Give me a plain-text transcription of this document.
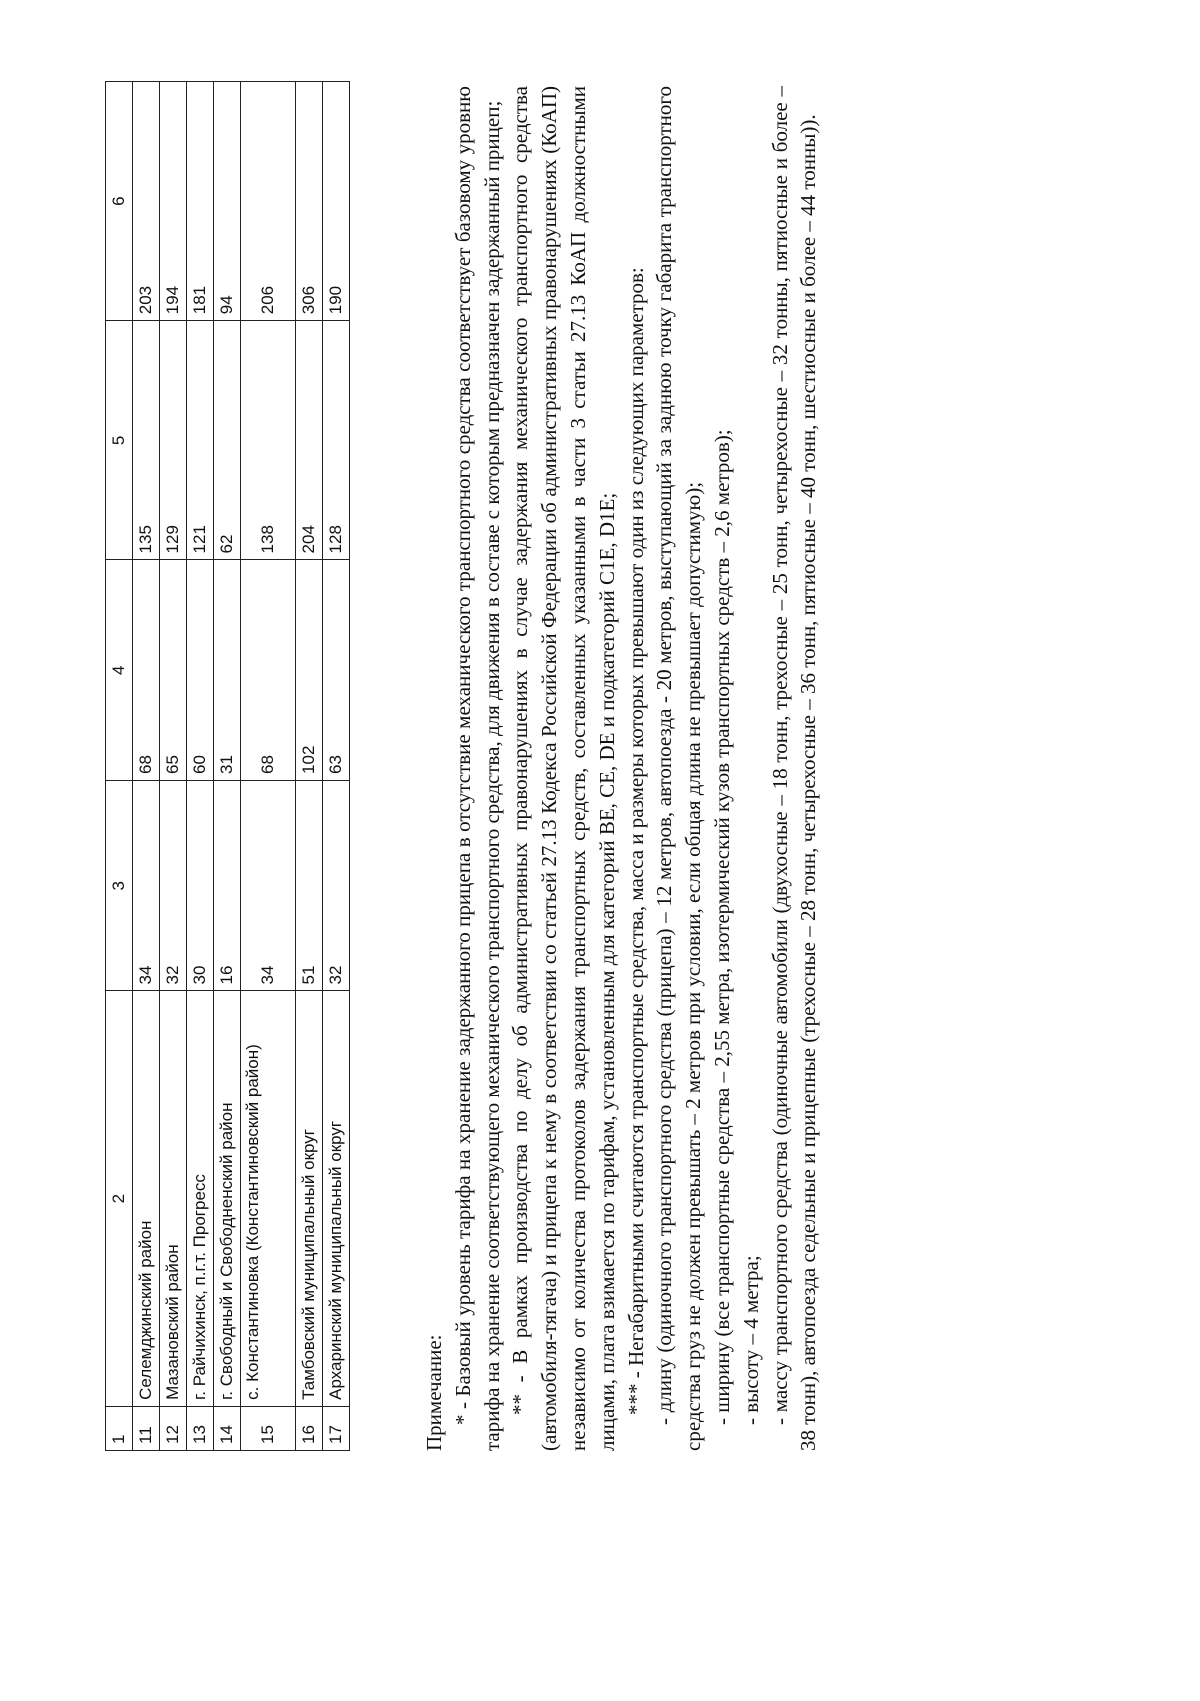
1	2	3	4	5	6
11	Селемджинский район	34	68	135	203
12	Мазановский район	32	65	129	194
13	г. Райчихинск, п.г.т. Прогресс	30	60	121	181
14	г. Свободный и Свободненский район	16	31	62	94
15	с. Константиновка (Константиновский район)	34	68	138	206
16	Тамбовский муниципальный округ	51	102	204	306
17	Архаринский муниципальный округ	32	63	128	190

Примечание: * - Базовый уровень тарифа на хранение задержанного прицепа в отсутствие механического транспортного средства соответствует базовому уровню тарифа на хранение соответствующего механического транспортного средства, для движения в составе с которым предназначен задержанный прицеп; ** - В рамках производства по делу об административных правонарушениях в случае задержания механического транспортного средства (автомобиля-тягача) и прицепа к нему в соответствии со статьей 27.13 Кодекса Российской Федерации об административных правонарушениях (КоАП) независимо от количества протоколов задержания транспортных средств, составленных указанными в части 3 статьи 27.13 КоАП должностными лицами, плата взимается по тарифам, установленным для категорий BE, CE, DE и подкатегорий C1E, D1E; *** - Негабаритными считаются транспортные средства, масса и размеры которых превышают один из следующих параметров: - длину (одиночного транспортного средства (прицепа) – 12 метров, автопоезда - 20 метров, выступающий за заднюю точку габарита транспортного средства груз не должен превышать – 2 метров при условии, если общая длина не превышает допустимую); - ширину (все транспортные средства – 2,55 метра, изотермический кузов транспортных средств – 2,6 метров); - высоту – 4 метра; - массу транспортного средства (одиночные автомобили (двухосные – 18 тонн, трехосные – 25 тонн, четырехосные – 32 тонны, пятиосные и более – 38 тонн), автопоезда седельные и прицепные (трехосные – 28 тонн, четырехосные – 36 тонн, пятиосные – 40 тонн, шестиосные и более – 44 тонны)).
